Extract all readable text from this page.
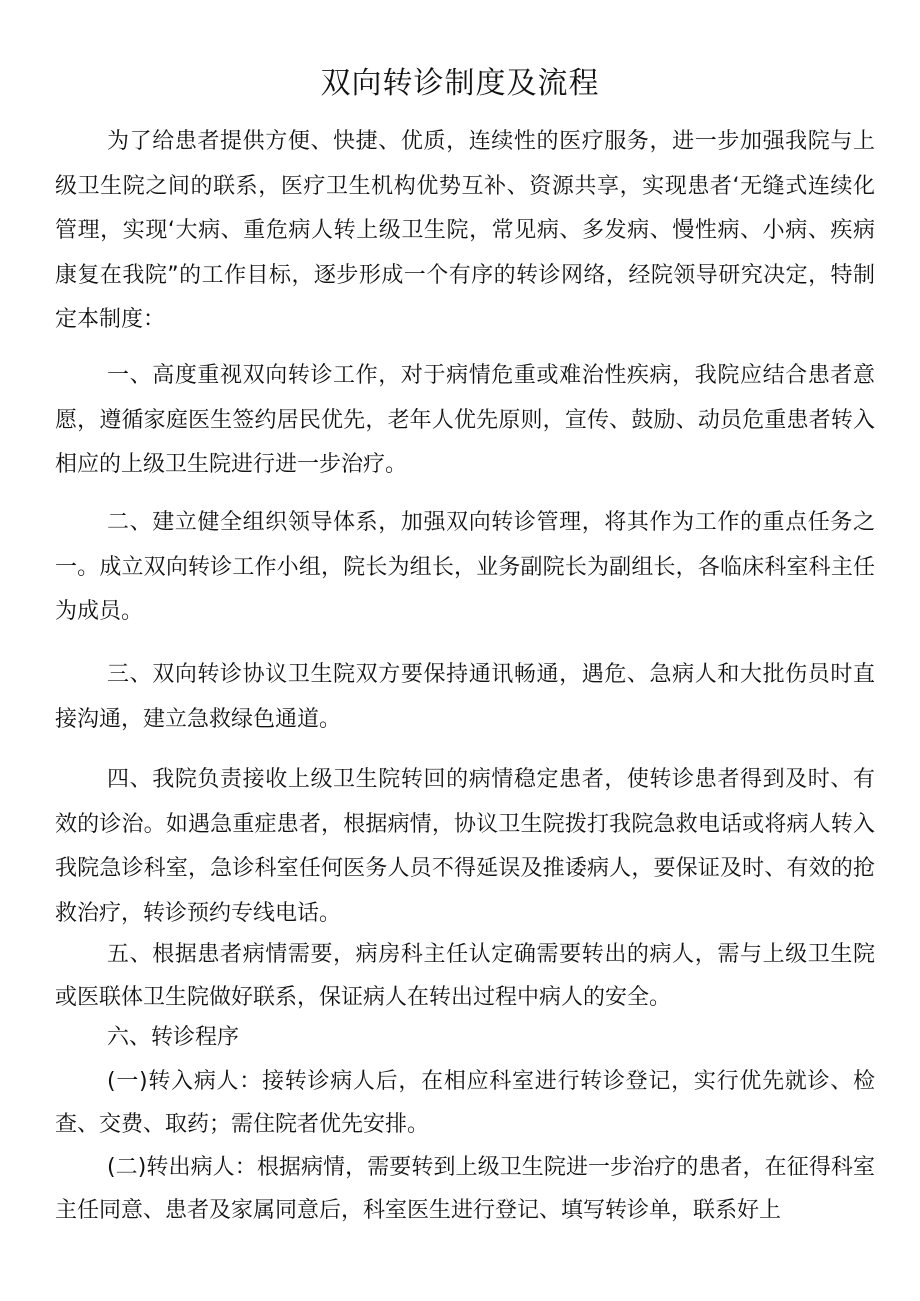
双向转诊制度及流程
为了给患者提供方便、快捷、优质，连续性的医疗服务，进一步加强我院与上级卫生院之间的联系，医疗卫生机构优势互补、资源共享，实现患者‘无缝式连续化管理，实现‘大病、重危病人转上级卫生院，常见病、多发病、慢性病、小病、疾病康复在我院”的工作目标，逐步形成一个有序的转诊网络，经院领导研究决定，特制定本制度：
一、高度重视双向转诊工作，对于病情危重或难治性疾病，我院应结合患者意愿，遵循家庭医生签约居民优先，老年人优先原则，宣传、鼓励、动员危重患者转入相应的上级卫生院进行进一步治疗。
二、建立健全组织领导体系，加强双向转诊管理，将其作为工作的重点任务之一。成立双向转诊工作小组，院长为组长，业务副院长为副组长，各临床科室科主任为成员。
三、双向转诊协议卫生院双方要保持通讯畅通，遇危、急病人和大批伤员时直接沟通，建立急救绿色通道。
四、我院负责接收上级卫生院转回的病情稳定患者，使转诊患者得到及时、有效的诊治。如遇急重症患者，根据病情，协议卫生院拨打我院急救电话或将病人转入我院急诊科室，急诊科室任何医务人员不得延误及推诿病人，要保证及时、有效的抢救治疗，转诊预约专线电话。
五、根据患者病情需要，病房科主任认定确需要转出的病人，需与上级卫生院或医联体卫生院做好联系，保证病人在转出过程中病人的安全。
六、转诊程序
(一)转入病人：接转诊病人后，在相应科室进行转诊登记，实行优先就诊、检查、交费、取药；需住院者优先安排。
(二)转出病人：根据病情，需要转到上级卫生院进一步治疗的患者，在征得科室主任同意、患者及家属同意后，科室医生进行登记、填写转诊单，联系好上
